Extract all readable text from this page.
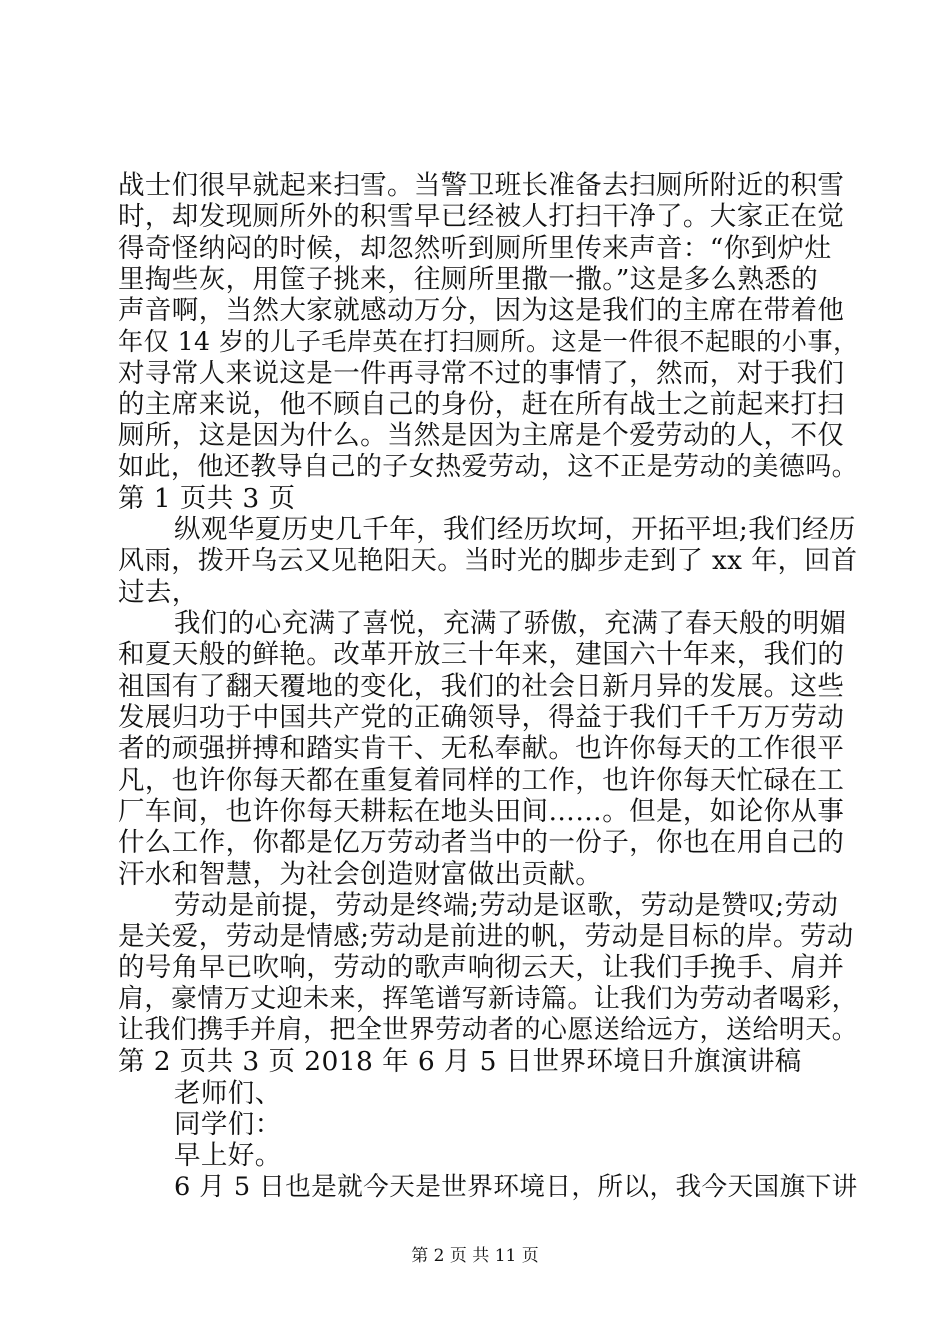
战士们很早就起来扫雪。当警卫班长准备去扫厕所附近的积雪
时，却发现厕所外的积雪早已经被人打扫干净了。大家正在觉
得奇怪纳闷的时候，却忽然听到厕所里传来声音：“你到炉灶
里掏些灰，用筐子挑来，往厕所里撒一撒。”这是多么熟悉的
声音啊，当然大家就感动万分，因为这是我们的主席在带着他
年仅 14 岁的儿子毛岸英在打扫厕所。这是一件很不起眼的小事，
对寻常人来说这是一件再寻常不过的事情了，然而，对于我们
的主席来说，他不顾自己的身份，赶在所有战士之前起来打扫
厕所，这是因为什么。当然是因为主席是个爱劳动的人，不仅
如此，他还教导自己的子女热爱劳动，这不正是劳动的美德吗。
第 1 页共 3 页
纵观华夏历史几千年，我们经历坎坷，开拓平坦;我们经历
风雨，拨开乌云又见艳阳天。当时光的脚步走到了 xx 年，回首
过去，
我们的心充满了喜悦，充满了骄傲，充满了春天般的明媚
和夏天般的鲜艳。改革开放三十年来，建国六十年来，我们的
祖国有了翻天覆地的变化，我们的社会日新月异的发展。这些
发展归功于中国共产党的正确领导，得益于我们千千万万劳动
者的顽强拼搏和踏实肯干、无私奉献。也许你每天的工作很平
凡，也许你每天都在重复着同样的工作，也许你每天忙碌在工
厂车间，也许你每天耕耘在地头田间……。但是，如论你从事
什么工作，你都是亿万劳动者当中的一份子，你也在用自己的
汗水和智慧，为社会创造财富做出贡献。
劳动是前提，劳动是终端;劳动是讴歌，劳动是赞叹;劳动
是关爱，劳动是情感;劳动是前进的帆，劳动是目标的岸。劳动
的号角早已吹响，劳动的歌声响彻云天，让我们手挽手、肩并
肩，豪情万丈迎未来，挥笔谱写新诗篇。让我们为劳动者喝彩，
让我们携手并肩，把全世界劳动者的心愿送给远方，送给明天。
第 2 页共 3 页 2018 年 6 月 5 日世界环境日升旗演讲稿
老师们、
同学们：
早上好。
6 月 5 日也是就今天是世界环境日，所以，我今天国旗下讲
第 2 页 共 11 页
